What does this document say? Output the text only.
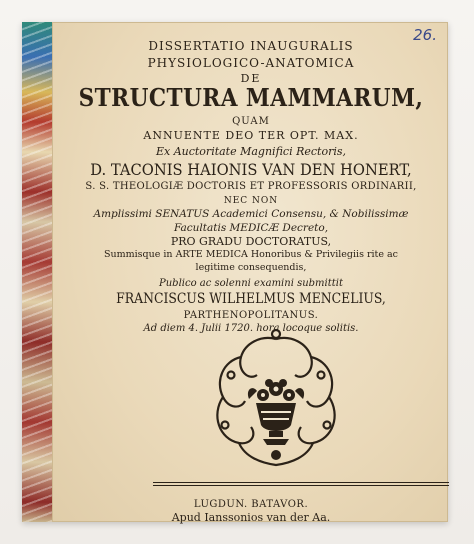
26.
DISSERTATIO INAUGURALIS
PHYSIOLOGICO-ANATOMICA
DE
STRUCTURA MAMMARUM,
QUAM
ANNUENTE DEO TER OPT. MAX.
Ex Auctoritate Magnifici Rectoris,
D. TACONIS HAIONIS VAN DEN HONERT,
S. S. THEOLOGIÆ DOCTORIS ET PROFESSORIS ORDINARII,
NEC NON
Amplissimi SENATUS Academici Consensu, & Nobilissimæ
Facultatis MEDICÆ Decreto,
PRO GRADU DOCTORATUS,
Summisque in ARTE MEDICA Honoribus & Privilegiis rite ac
legitime consequendis,
Publico ac solenni examini submittit
FRANCISCUS WILHELMUS MENCELIUS,
PARTHENOPOLITANUS.
Ad diem 4. Julii 1720. hora locoque solitis.
LUGDUN. BATAVOR.
Apud Ianssonios van der Aa.
